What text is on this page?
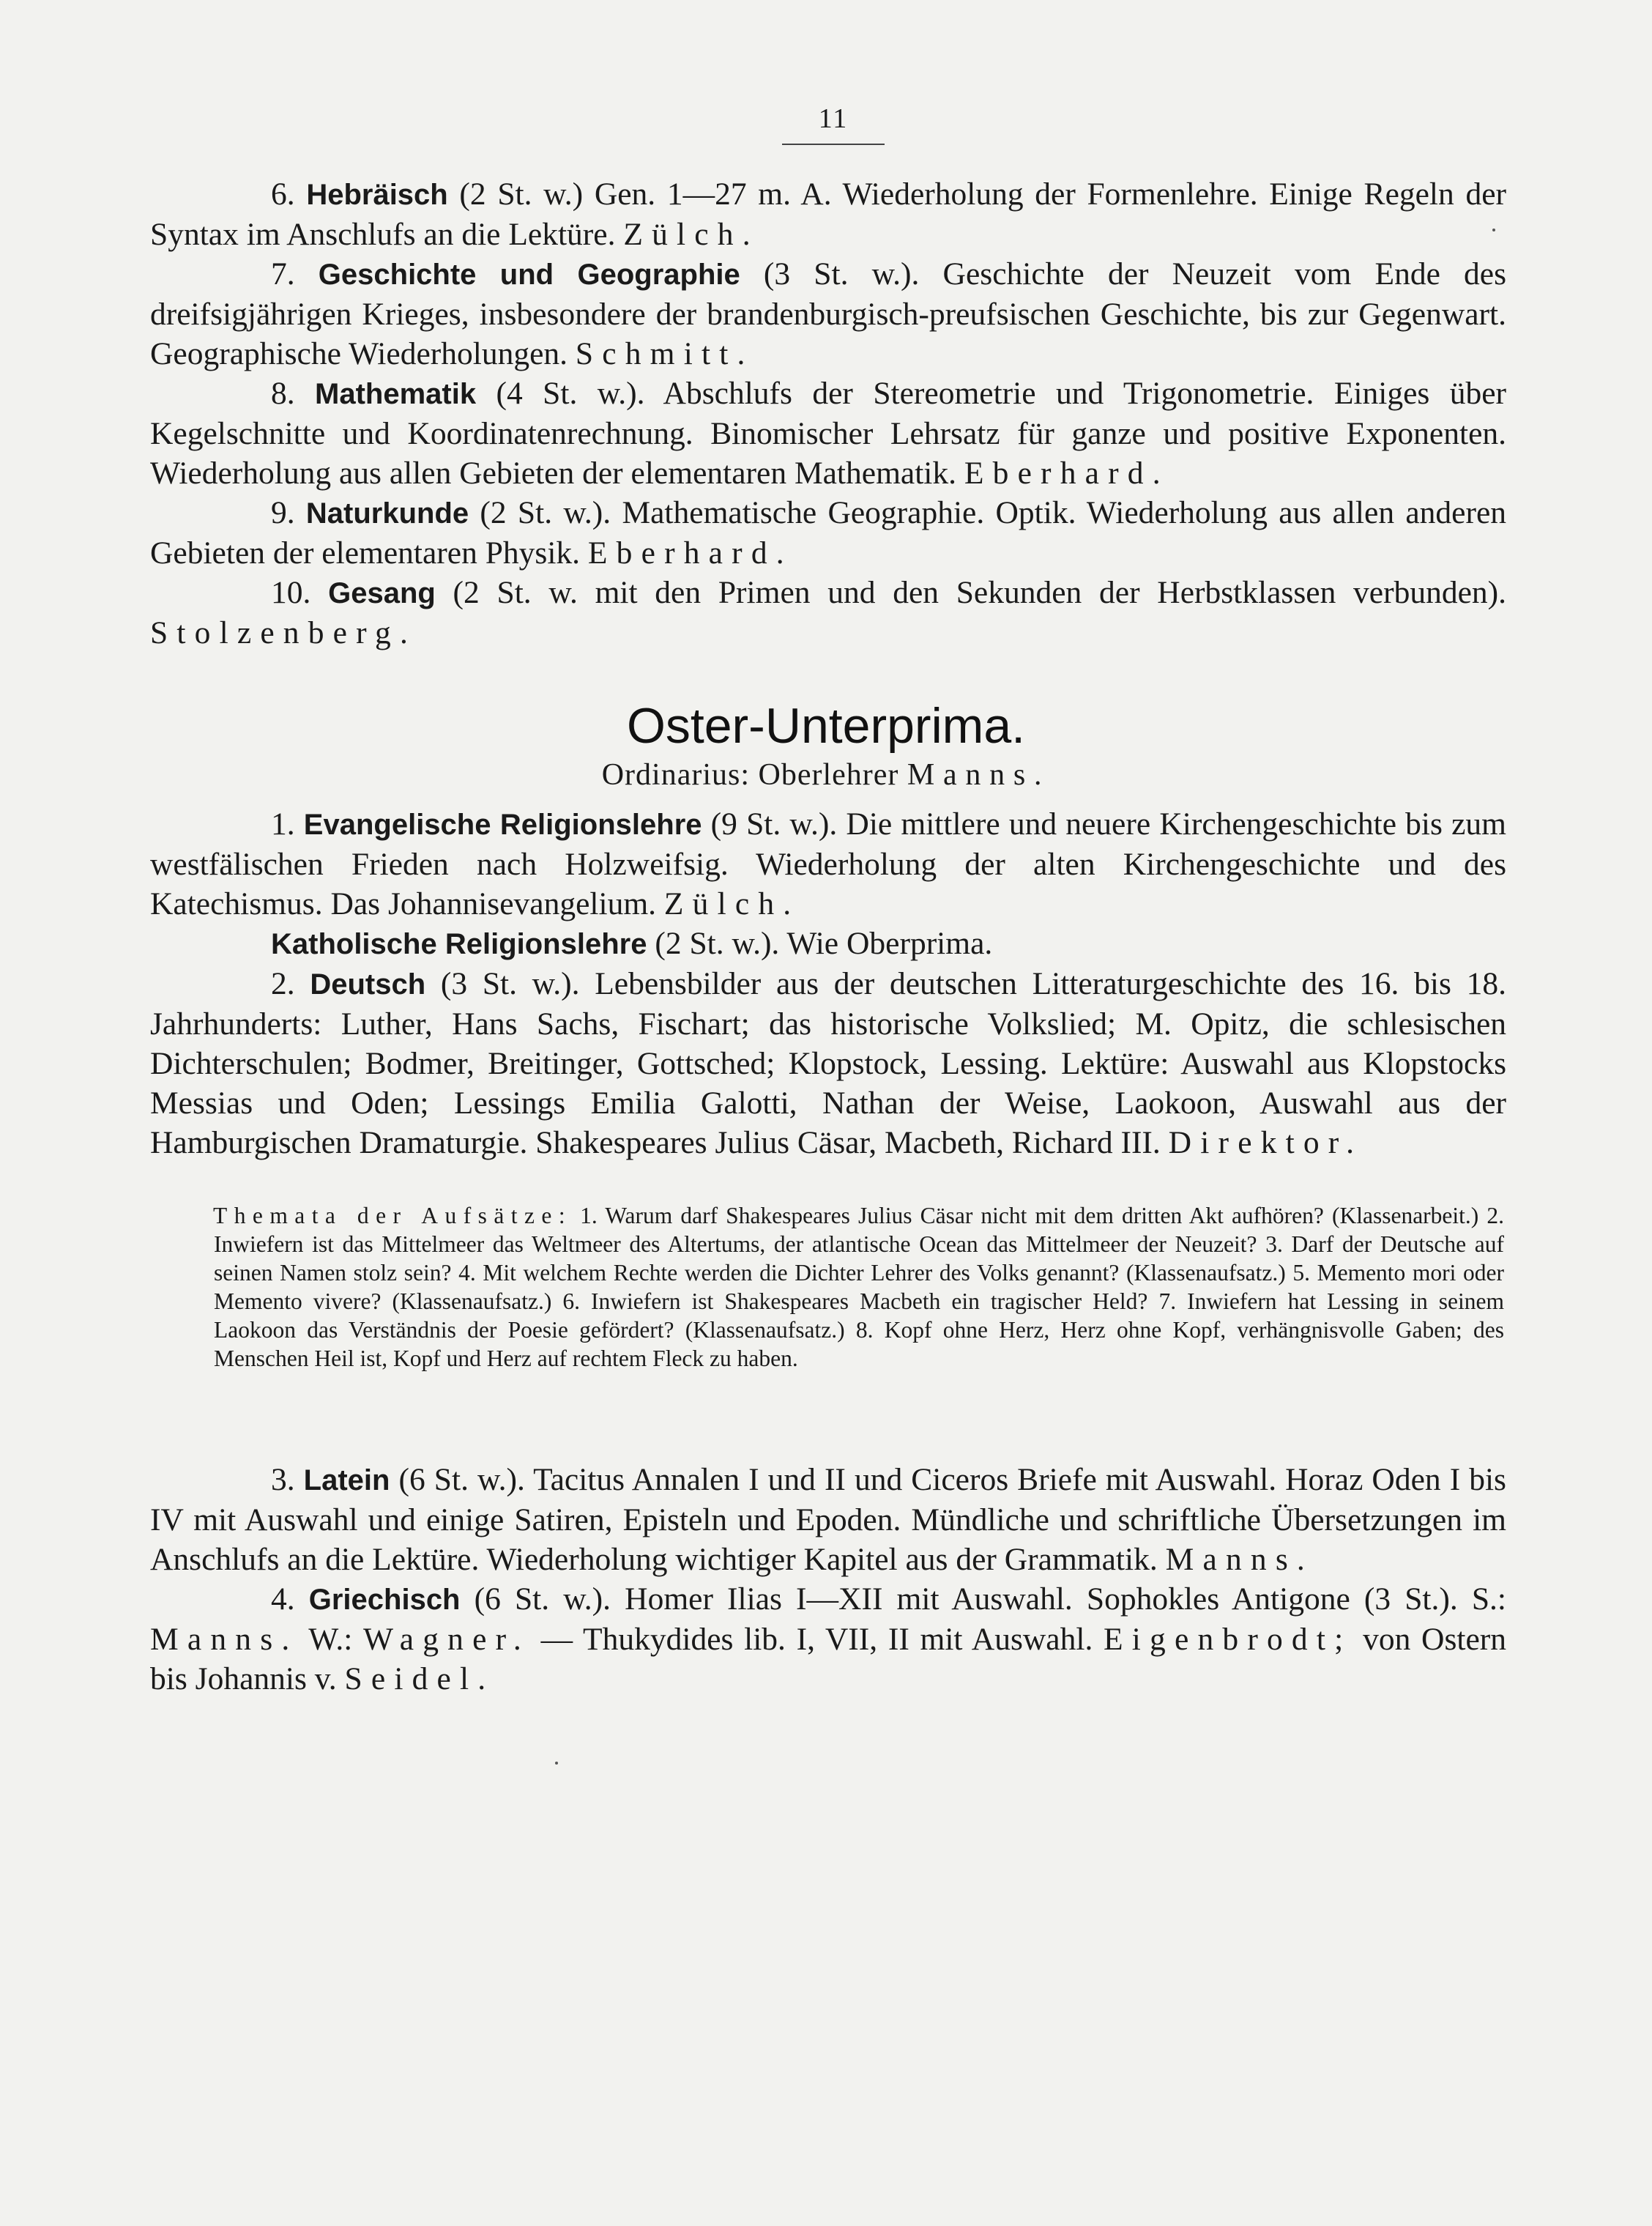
11

6. Hebräisch (2 St. w.) Gen. 1—27 m. A. Wiederholung der Formenlehre. Einige Regeln der Syntax im Anschlufs an die Lektüre. Zülch.

7. Geschichte und Geographie (3 St. w.). Geschichte der Neuzeit vom Ende des dreifsigjährigen Krieges, insbesondere der brandenburgisch-preufsischen Geschichte, bis zur Gegenwart. Geographische Wiederholungen. Schmitt.

8. Mathematik (4 St. w.). Abschlufs der Stereometrie und Trigonometrie. Einiges über Kegelschnitte und Koordinatenrechnung. Binomischer Lehrsatz für ganze und positive Exponenten. Wiederholung aus allen Gebieten der elementaren Mathematik. Eberhard.

9. Naturkunde (2 St. w.). Mathematische Geographie. Optik. Wiederholung aus allen anderen Gebieten der elementaren Physik. Eberhard.

10. Gesang (2 St. w. mit den Primen und den Sekunden der Herbstklassen verbunden). Stolzenberg.

Oster-Unterprima.
Ordinarius: Oberlehrer Manns.

1. Evangelische Religionslehre (9 St. w.). Die mittlere und neuere Kirchengeschichte bis zum westfälischen Frieden nach Holzweifsig. Wiederholung der alten Kirchengeschichte und des Katechismus. Das Johannisevangelium. Zülch.

Katholische Religionslehre (2 St. w.). Wie Oberprima.

2. Deutsch (3 St. w.). Lebensbilder aus der deutschen Litteraturgeschichte des 16. bis 18. Jahrhunderts: Luther, Hans Sachs, Fischart; das historische Volkslied; M. Opitz, die schlesischen Dichterschulen; Bodmer, Breitinger, Gottsched; Klopstock, Lessing. Lektüre: Auswahl aus Klopstocks Messias und Oden; Lessings Emilia Galotti, Nathan der Weise, Laokoon, Auswahl aus der Hamburgischen Dramaturgie. Shakespeares Julius Cäsar, Macbeth, Richard III. Direktor.

Themata der Aufsätze: 1. Warum darf Shakespeares Julius Cäsar nicht mit dem dritten Akt aufhören? (Klassenarbeit.) 2. Inwiefern ist das Mittelmeer das Weltmeer des Altertums, der atlantische Ocean das Mittelmeer der Neuzeit? 3. Darf der Deutsche auf seinen Namen stolz sein? 4. Mit welchem Rechte werden die Dichter Lehrer des Volks genannt? (Klassenaufsatz.) 5. Memento mori oder Memento vivere? (Klassenaufsatz.) 6. Inwiefern ist Shakespeares Macbeth ein tragischer Held? 7. Inwiefern hat Lessing in seinem Laokoon das Verständnis der Poesie gefördert? (Klassenaufsatz.) 8. Kopf ohne Herz, Herz ohne Kopf, verhängnisvolle Gaben; des Menschen Heil ist, Kopf und Herz auf rechtem Fleck zu haben.

3. Latein (6 St. w.). Tacitus Annalen I und II und Ciceros Briefe mit Auswahl. Horaz Oden I bis IV mit Auswahl und einige Satiren, Episteln und Epoden. Mündliche und schriftliche Übersetzungen im Anschlufs an die Lektüre. Wiederholung wichtiger Kapitel aus der Grammatik. Manns.

4. Griechisch (6 St. w.). Homer Ilias I—XII mit Auswahl. Sophokles Antigone (3 St.). S.: Manns. W.: Wagner. — Thukydides lib. I, VII, II mit Auswahl. Eigenbrodt; von Ostern bis Johannis v. Seidel.
